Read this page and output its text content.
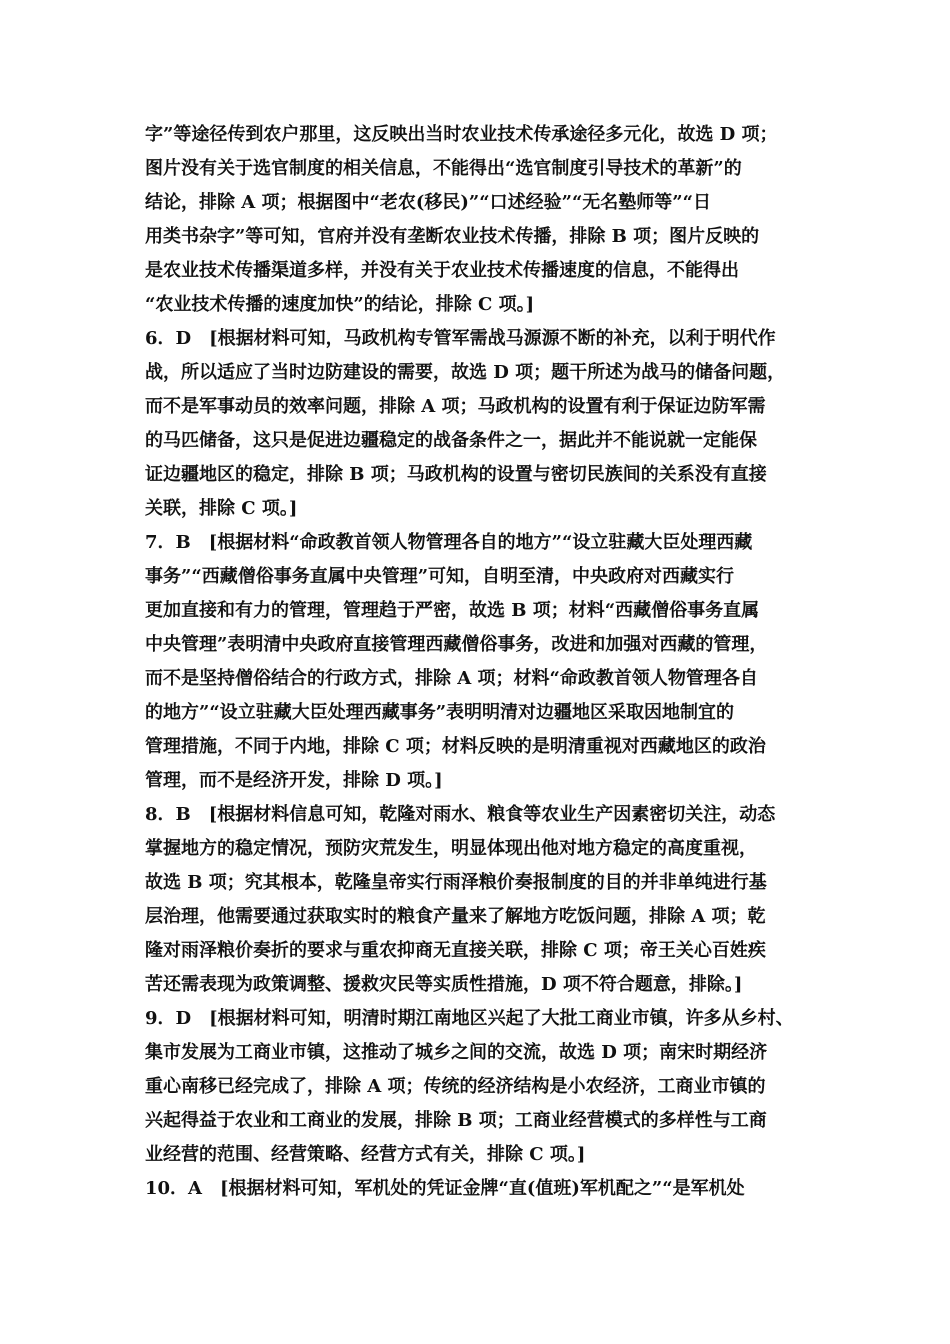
字”等途径传到农户那里，这反映出当时农业技术传承途径多元化，故选 D 项；
图片没有关于选官制度的相关信息，不能得出“选官制度引导技术的革新”的
结论，排除 A 项；根据图中“老农(移民)”“口述经验”“无名塾师等”“日
用类书杂字”等可知，官府并没有垄断农业技术传播，排除 B 项；图片反映的
是农业技术传播渠道多样，并没有关于农业技术传播速度的信息，不能得出
“农业技术传播的速度加快”的结论，排除 C 项。]
6．D　[根据材料可知，马政机构专管军需战马源源不断的补充，以利于明代作
战，所以适应了当时边防建设的需要，故选 D 项；题干所述为战马的储备问题，
而不是军事动员的效率问题，排除 A 项；马政机构的设置有利于保证边防军需
的马匹储备，这只是促进边疆稳定的战备条件之一，据此并不能说就一定能保
证边疆地区的稳定，排除 B 项；马政机构的设置与密切民族间的关系没有直接
关联，排除 C 项。]
7．B　[根据材料“命政教首领人物管理各自的地方”“设立驻藏大臣处理西藏
事务”“西藏僧俗事务直属中央管理”可知，自明至清，中央政府对西藏实行
更加直接和有力的管理，管理趋于严密，故选 B 项；材料“西藏僧俗事务直属
中央管理”表明清中央政府直接管理西藏僧俗事务，改进和加强对西藏的管理，
而不是坚持僧俗结合的行政方式，排除 A 项；材料“命政教首领人物管理各自
的地方”“设立驻藏大臣处理西藏事务”表明明清对边疆地区采取因地制宜的
管理措施，不同于内地，排除 C 项；材料反映的是明清重视对西藏地区的政治
管理，而不是经济开发，排除 D 项。]
8．B　[根据材料信息可知，乾隆对雨水、粮食等农业生产因素密切关注，动态
掌握地方的稳定情况，预防灾荒发生，明显体现出他对地方稳定的高度重视，
故选 B 项；究其根本，乾隆皇帝实行雨泽粮价奏报制度的目的并非单纯进行基
层治理，他需要通过获取实时的粮食产量来了解地方吃饭问题，排除 A 项；乾
隆对雨泽粮价奏折的要求与重农抑商无直接关联，排除 C 项；帝王关心百姓疾
苦还需表现为政策调整、援救灾民等实质性措施，D 项不符合题意，排除。]
9．D　[根据材料可知，明清时期江南地区兴起了大批工商业市镇，许多从乡村、
集市发展为工商业市镇，这推动了城乡之间的交流，故选 D 项；南宋时期经济
重心南移已经完成了，排除 A 项；传统的经济结构是小农经济，工商业市镇的
兴起得益于农业和工商业的发展，排除 B 项；工商业经营模式的多样性与工商
业经营的范围、经营策略、经营方式有关，排除 C 项。]
10．A　[根据材料可知，军机处的凭证金牌“直(值班)军机配之”“是军机处
